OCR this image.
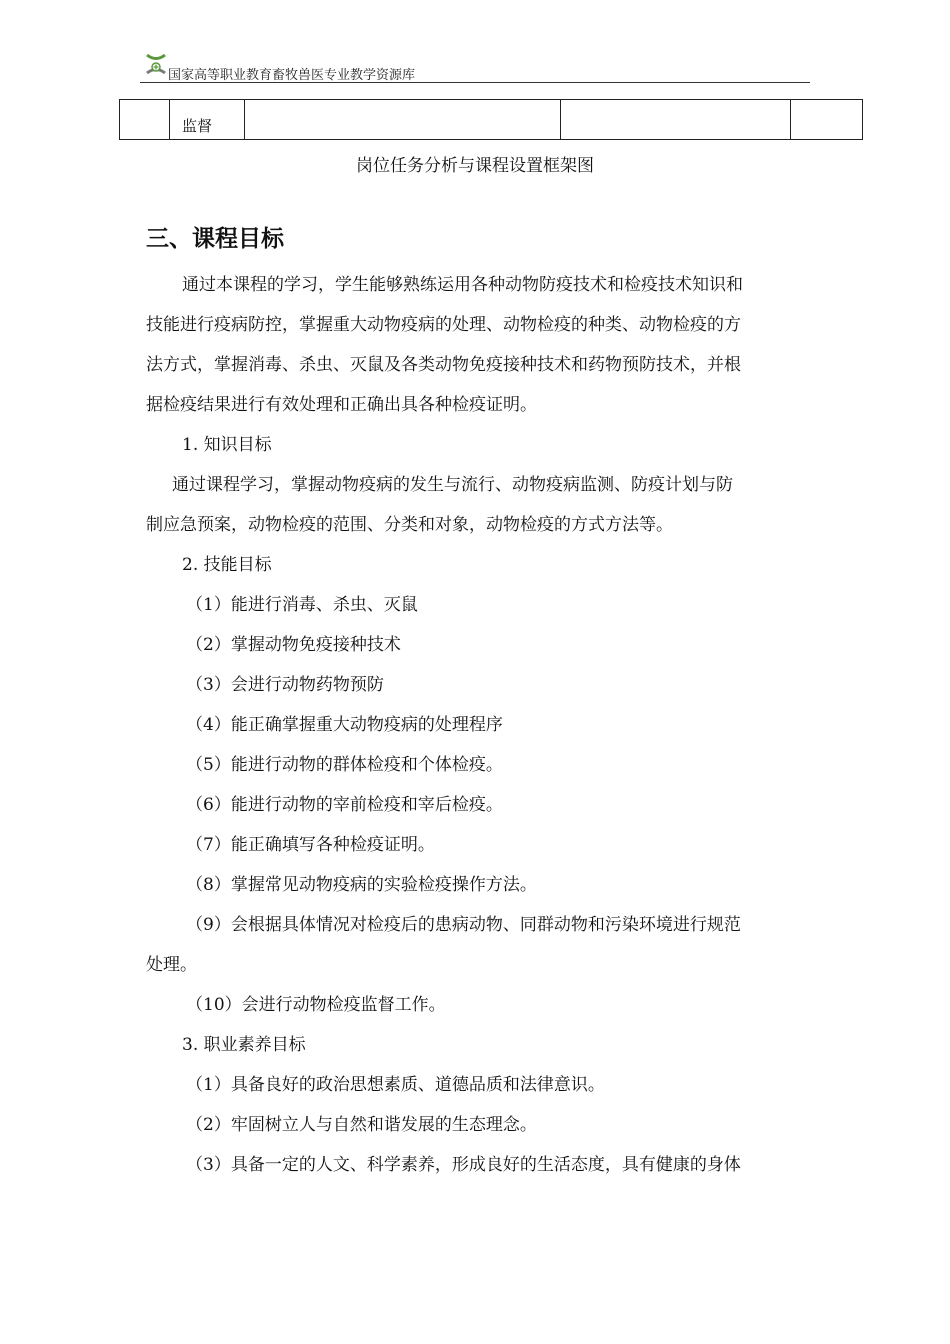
国家高等职业教育畜牧兽医专业教学资源库
	监督			
岗位任务分析与课程设置框架图
三、课程目标
通过本课程的学习，学生能够熟练运用各种动物防疫技术和检疫技术知识和
技能进行疫病防控，掌握重大动物疫病的处理、动物检疫的种类、动物检疫的方
法方式，掌握消毒、杀虫、灭鼠及各类动物免疫接种技术和药物预防技术，并根
据检疫结果进行有效处理和正确出具各种检疫证明。
1. 知识目标
通过课程学习，掌握动物疫病的发生与流行、动物疫病监测、防疫计划与防
制应急预案，动物检疫的范围、分类和对象，动物检疫的方式方法等。
2. 技能目标
（1）能进行消毒、杀虫、灭鼠
（2）掌握动物免疫接种技术
（3）会进行动物药物预防
（4）能正确掌握重大动物疫病的处理程序
（5）能进行动物的群体检疫和个体检疫。
（6）能进行动物的宰前检疫和宰后检疫。
（7）能正确填写各种检疫证明。
（8）掌握常见动物疫病的实验检疫操作方法。
（9）会根据具体情况对检疫后的患病动物、同群动物和污染环境进行规范
处理。
（10）会进行动物检疫监督工作。
3. 职业素养目标
（1）具备良好的政治思想素质、道德品质和法律意识。
（2）牢固树立人与自然和谐发展的生态理念。
（3）具备一定的人文、科学素养，形成良好的生活态度，具有健康的身体
